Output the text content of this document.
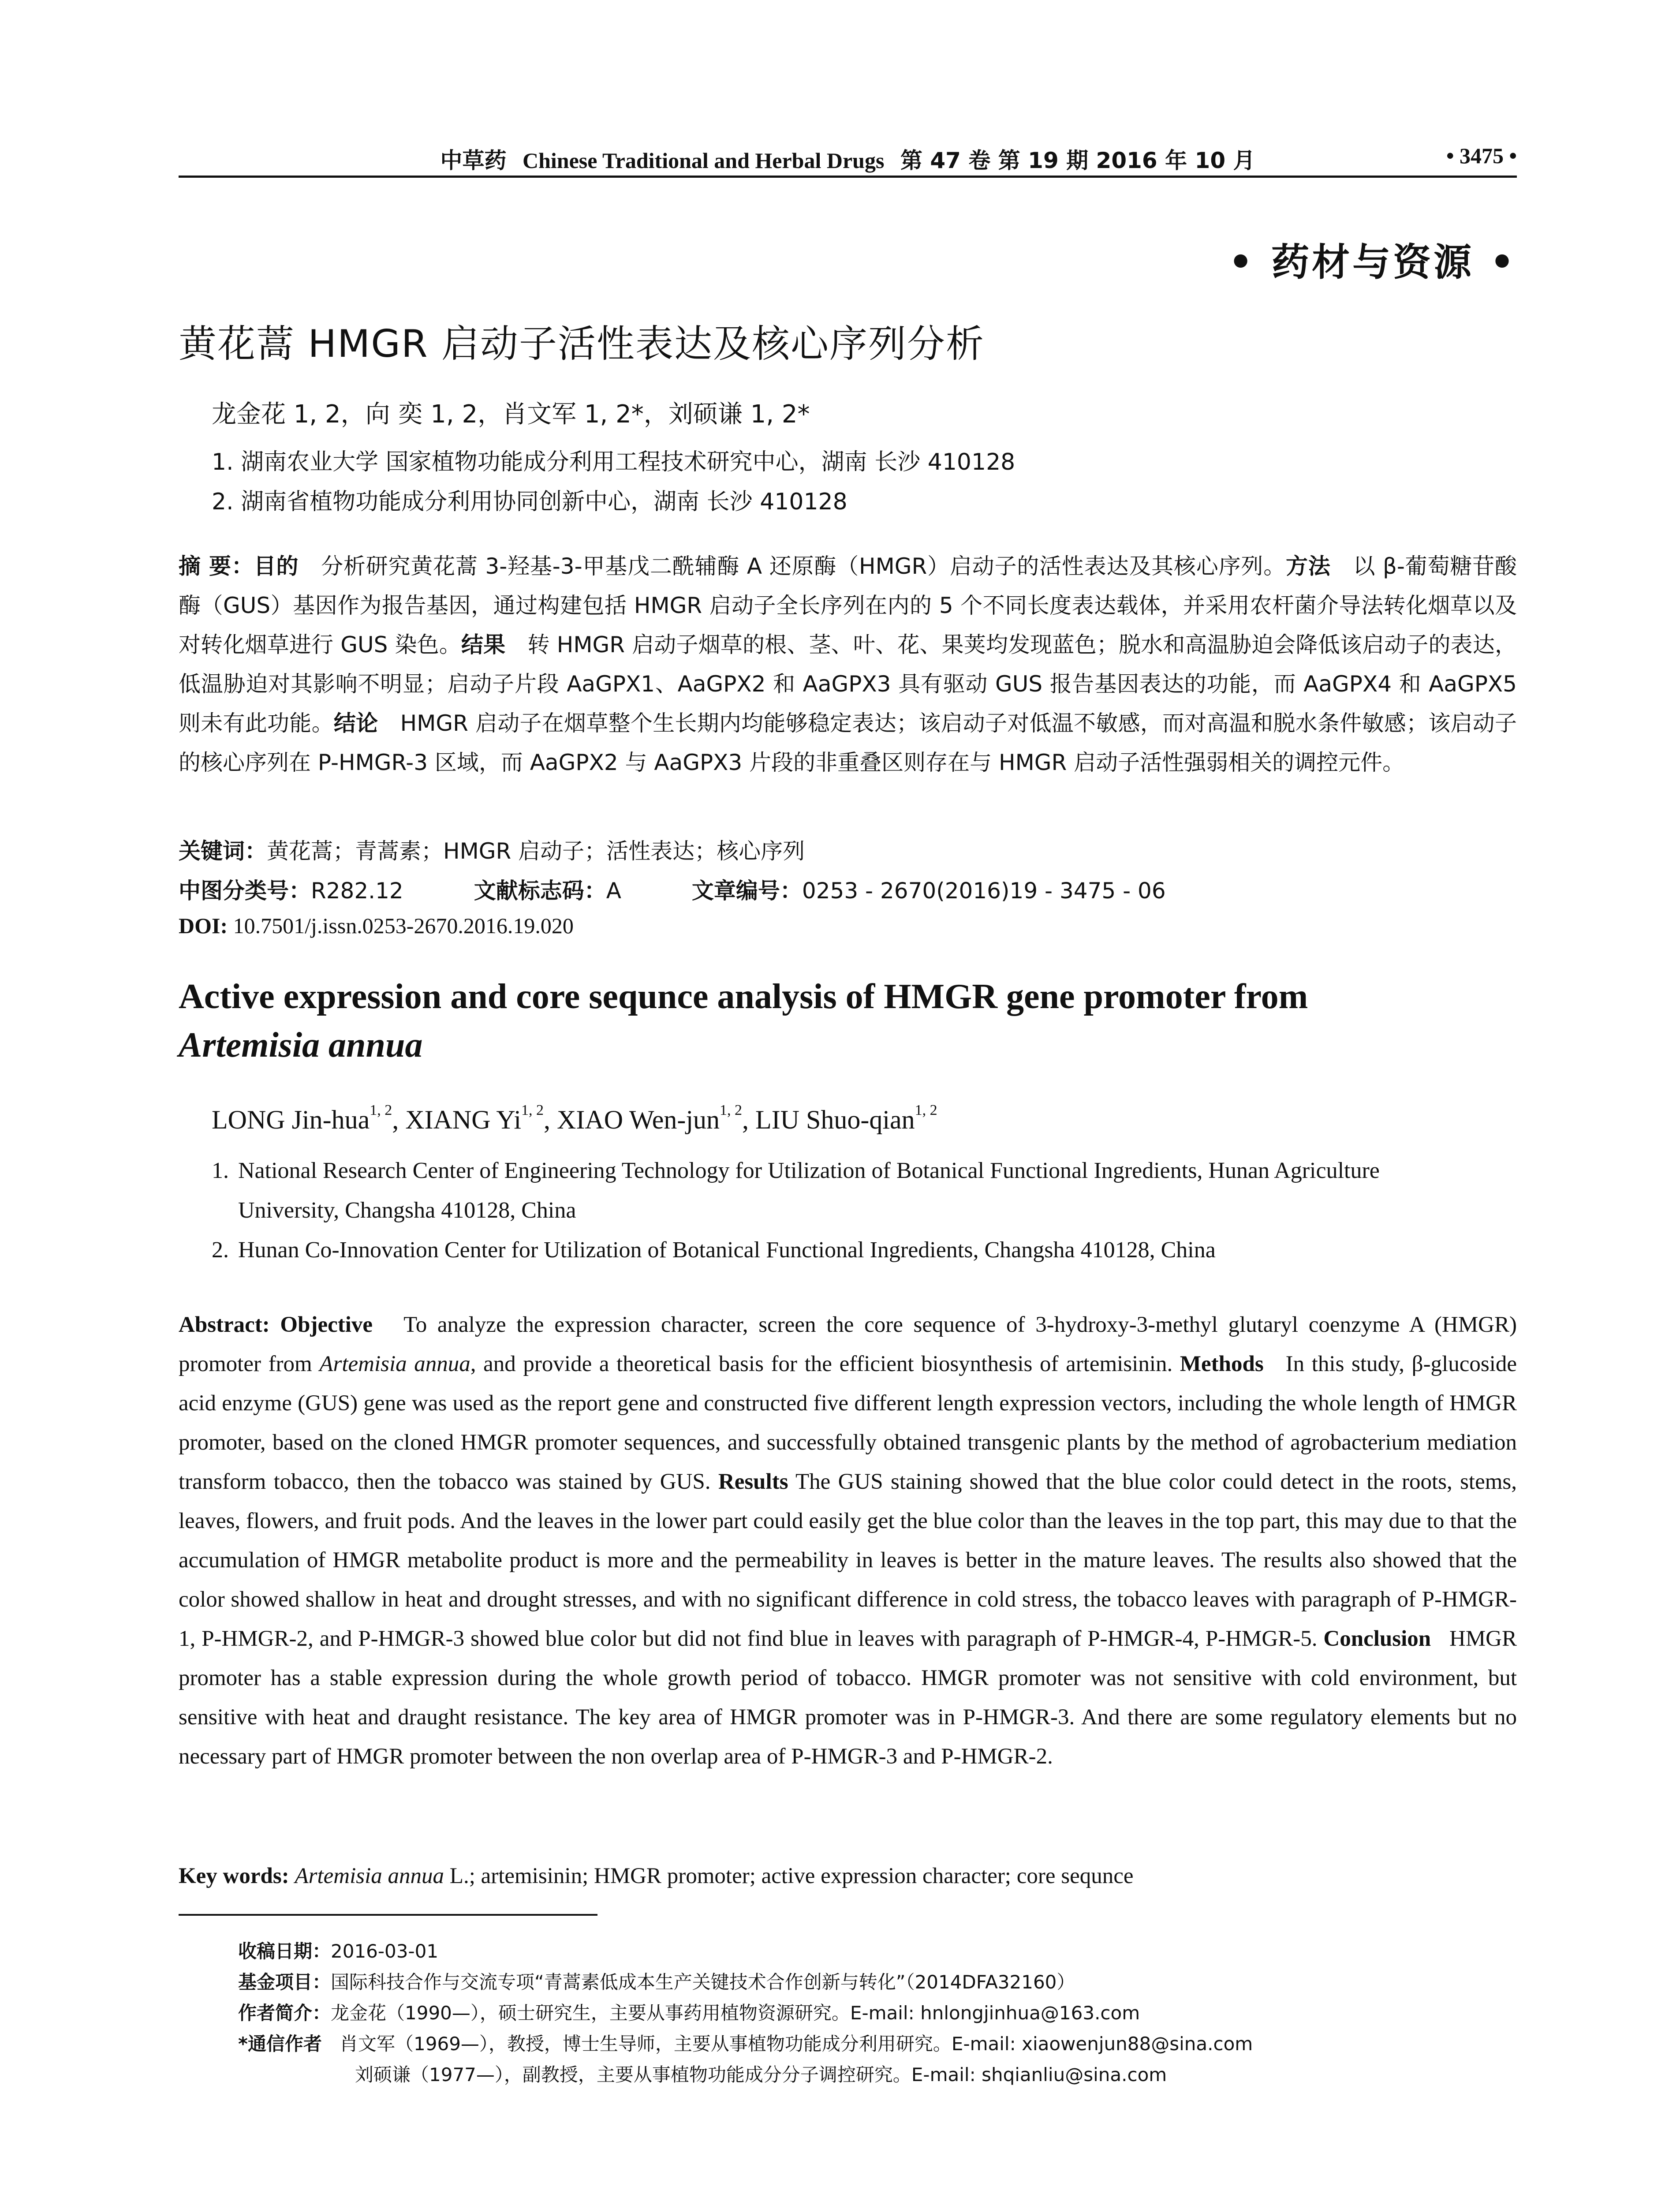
中草药 Chinese Traditional and Herbal Drugs 第 47 卷 第 19 期 2016 年 10 月	• 3475 •
• 药材与资源 •
黄花蒿 HMGR 启动子活性表达及核心序列分析
龙金花 1, 2，向 奕 1, 2，肖文军 1, 2*，刘硕谦 1, 2*
1. 湖南农业大学 国家植物功能成分利用工程技术研究中心，湖南 长沙 410128
2. 湖南省植物功能成分利用协同创新中心，湖南 长沙 410128
摘 要：目的　 分析研究黄花蒿 3-羟基-3-甲基戊二酰辅酶 A 还原酶（HMGR）启动子的活性表达及其核心序列。方法　 以 β-葡萄糖苷酸酶（GUS）基因作为报告基因，通过构建包括 HMGR 启动子全长序列在内的 5 个不同长度表达载体，并采用农杆菌介导法转化烟草以及对转化烟草进行 GUS 染色。结果　 转 HMGR 启动子烟草的根、茎、叶、花、果荚均发现蓝色；脱水和高温胁迫会降低该启动子的表达，低温胁迫对其影响不明显；启动子片段 AaGPX1、AaGPX2 和 AaGPX3 具有驱动 GUS 报告基因表达的功能，而 AaGPX4 和 AaGPX5 则未有此功能。结论　 HMGR 启动子在烟草整个生长期内均能够稳定表达；该启动子对低温不敏感，而对高温和脱水条件敏感；该启动子的核心序列在 P-HMGR-3 区域，而 AaGPX2 与 AaGPX3 片段的非重叠区则存在与 HMGR 启动子活性强弱相关的调控元件。
关键词：黄花蒿；青蒿素；HMGR 启动子；活性表达；核心序列
中图分类号：R282.12	文献标志码：A	文章编号：0253 - 2670(2016)19 - 3475 - 06
DOI: 10.7501/j.issn.0253-2670.2016.19.020
Active expression and core sequnce analysis of HMGR gene promoter from
Artemisia annua
LONG Jin-hua$^{1, 2}$, XIANG Yi$^{1, 2}$, XIAO Wen-jun$^{1, 2}$, LIU Shuo-qian$^{1, 2}$
1. National Research Center of Engineering Technology for Utilization of Botanical Functional Ingredients, Hunan Agriculture
University, Changsha 410128, China
2. Hunan Co-Innovation Center for Utilization of Botanical Functional Ingredients, Changsha 410128, China
Abstract: Objective To analyze the expression character, screen the core sequence of 3-hydroxy-3-methyl glutaryl coenzyme A (HMGR) promoter from Artemisia annua, and provide a theoretical basis for the efficient biosynthesis of artemisinin. Methods In this study, β-glucoside acid enzyme (GUS) gene was used as the report gene and constructed five different length expression vectors, including the whole length of HMGR promoter, based on the cloned HMGR promoter sequences, and successfully obtained transgenic plants by the method of agrobacterium mediation transform tobacco, then the tobacco was stained by GUS. Results The GUS staining showed that the blue color could detect in the roots, stems, leaves, flowers, and fruit pods. And the leaves in the lower part could easily get the blue color than the leaves in the top part, this may due to that the accumulation of HMGR metabolite product is more and the permeability in leaves is better in the mature leaves. The results also showed that the color showed shallow in heat and drought stresses, and with no significant difference in cold stress, the tobacco leaves with paragraph of P-HMGR-1, P-HMGR-2, and P-HMGR-3 showed blue color but did not find blue in leaves with paragraph of P-HMGR-4, P-HMGR-5. Conclusion HMGR promoter has a stable expression during the whole growth period of tobacco. HMGR promoter was not sensitive with cold environment, but sensitive with heat and draught resistance. The key area of HMGR promoter was in P-HMGR-3. And there are some regulatory elements but no necessary part of HMGR promoter between the non overlap area of P-HMGR-3 and P-HMGR-2.
Key words: Artemisia annua L.; artemisinin; HMGR promoter; active expression character; core sequnce
收稿日期：2016-03-01
基金项目：国际科技合作与交流专项“青蒿素低成本生产关键技术合作创新与转化”（2014DFA32160）
作者简介：龙金花（1990—），硕士研究生，主要从事药用植物资源研究。E-mail: hnlongjinhua@163.com
*通信作者 肖文军（1969—），教授，博士生导师，主要从事植物功能成分利用研究。E-mail: xiaowenjun88@sina.com
刘硕谦（1977—），副教授，主要从事植物功能成分分子调控研究。E-mail: shqianliu@sina.com
